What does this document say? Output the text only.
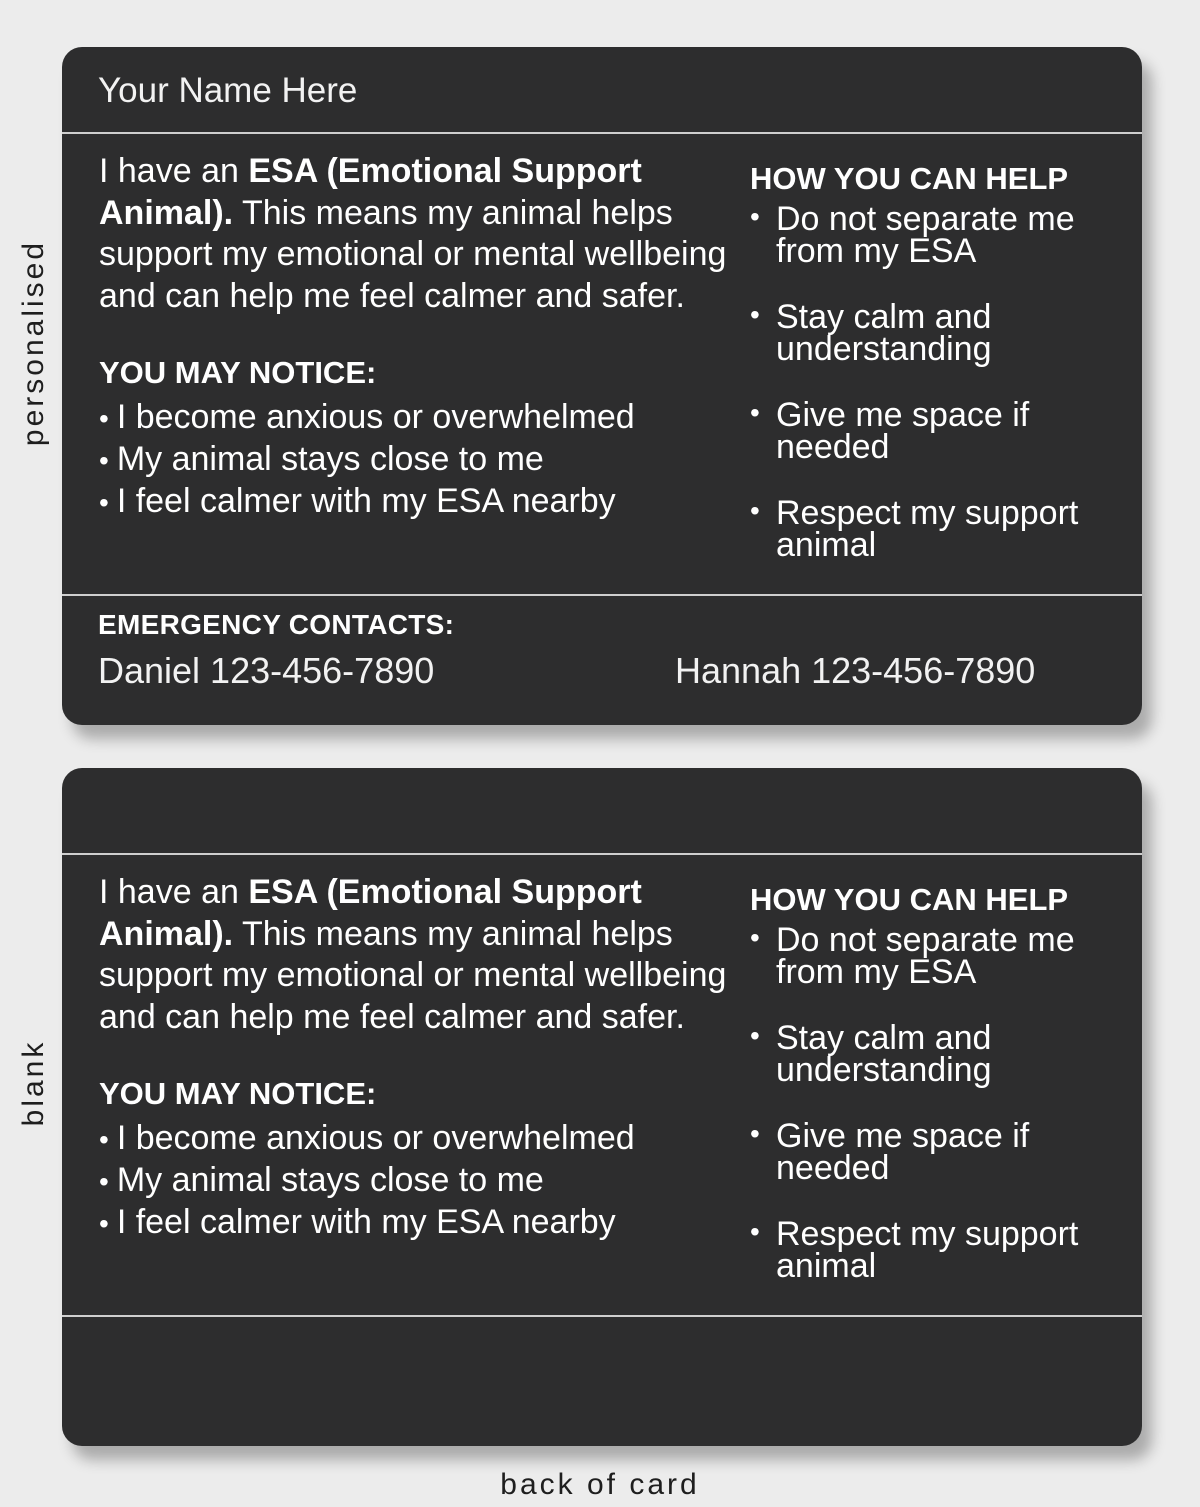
personalised
blank
Your Name Here

I have an ESA (Emotional Support Animal). This means my animal helps support my emotional or mental wellbeing and can help me feel calmer and safer.

YOU MAY NOTICE:
• I become anxious or overwhelmed
• My animal stays close to me
• I feel calmer with my ESA nearby
HOW YOU CAN HELP
• Do not separate me from my ESA
• Stay calm and understanding
• Give me space if needed
• Respect my support animal
EMERGENCY CONTACTS:
Daniel 123-456-7890	Hannah 123-456-7890

I have an ESA (Emotional Support Animal). This means my animal helps support my emotional or mental wellbeing and can help me feel calmer and safer.

YOU MAY NOTICE:
• I become anxious or overwhelmed
• My animal stays close to me
• I feel calmer with my ESA nearby
HOW YOU CAN HELP
• Do not separate me from my ESA
• Stay calm and understanding
• Give me space if needed
• Respect my support animal
back of card
